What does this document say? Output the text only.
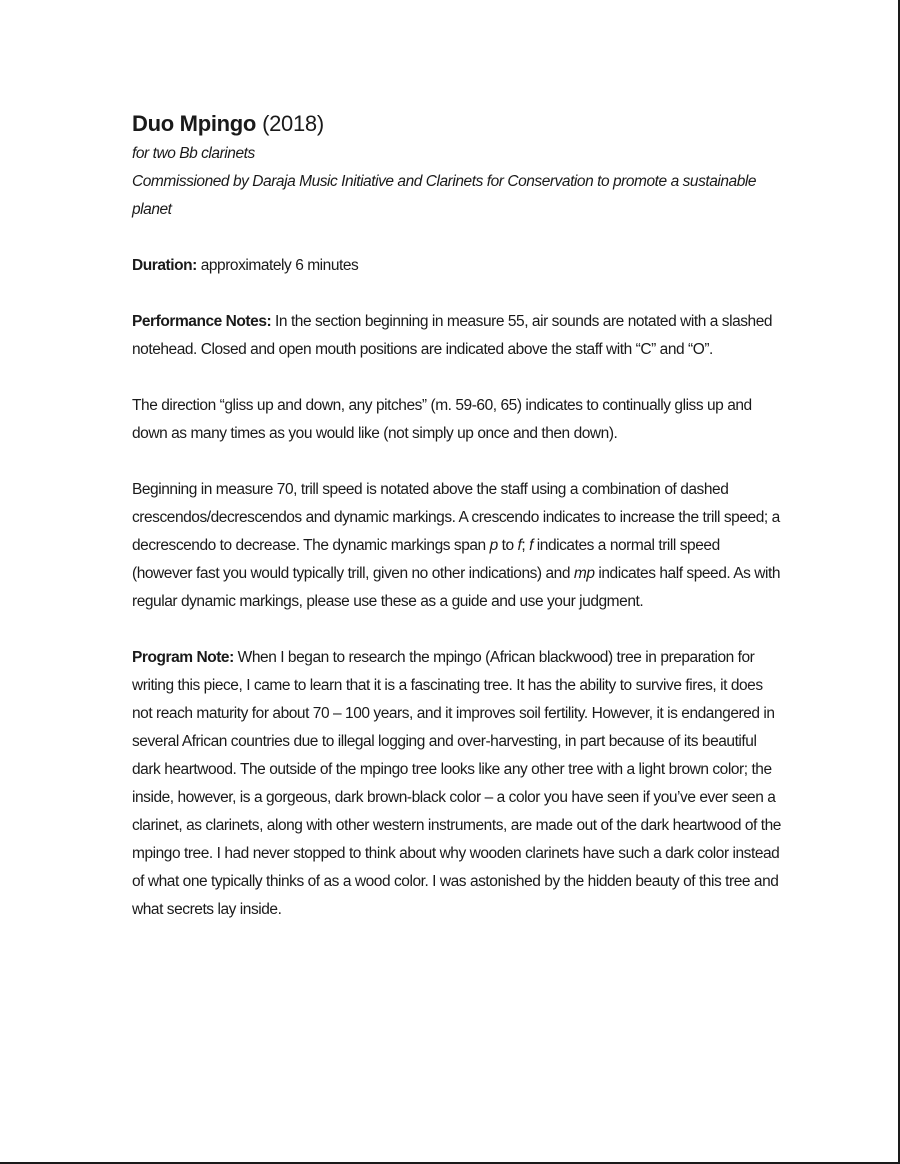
Duo Mpingo (2018)
for two Bb clarinets
Commissioned by Daraja Music Initiative and Clarinets for Conservation to promote a sustainable planet

Duration: approximately 6 minutes

Performance Notes: In the section beginning in measure 55, air sounds are notated with a slashed notehead. Closed and open mouth positions are indicated above the staff with “C” and “O”.

The direction “gliss up and down, any pitches” (m. 59-60, 65) indicates to continually gliss up and down as many times as you would like (not simply up once and then down).

Beginning in measure 70, trill speed is notated above the staff using a combination of dashed crescendos/decrescendos and dynamic markings. A crescendo indicates to increase the trill speed; a decrescendo to decrease. The dynamic markings span p to f; f indicates a normal trill speed (however fast you would typically trill, given no other indications) and mp indicates half speed. As with regular dynamic markings, please use these as a guide and use your judgment.

Program Note: When I began to research the mpingo (African blackwood) tree in preparation for writing this piece, I came to learn that it is a fascinating tree. It has the ability to survive fires, it does not reach maturity for about 70 – 100 years, and it improves soil fertility. However, it is endangered in several African countries due to illegal logging and over-harvesting, in part because of its beautiful dark heartwood. The outside of the mpingo tree looks like any other tree with a light brown color; the inside, however, is a gorgeous, dark brown-black color – a color you have seen if you’ve ever seen a clarinet, as clarinets, along with other western instruments, are made out of the dark heartwood of the mpingo tree. I had never stopped to think about why wooden clarinets have such a dark color instead of what one typically thinks of as a wood color. I was astonished by the hidden beauty of this tree and what secrets lay inside.
